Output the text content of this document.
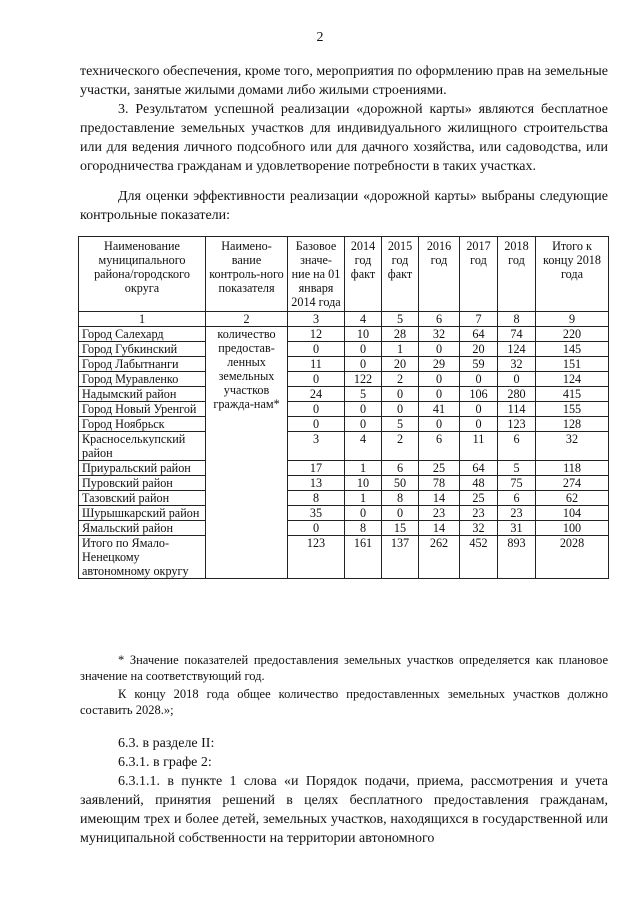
2

технического обеспечения, кроме того, мероприятия по оформлению прав на земельные участки, занятые жилыми домами либо жилыми строениями.

3. Результатом успешной реализации «дорожной карты» являются бесплатное предоставление земельных участков для индивидуального жилищного строительства или для ведения личного подсобного или для дачного хозяйства, или садоводства, или огородничества гражданам и удовлетворение потребности в таких участках.

Для оценки эффективности реализации «дорожной карты» выбраны следующие контрольные показатели:

Наименование муниципального района/городского округа	Наимено-вание контроль-ного показателя	Базовое значе-ние на 01 января 2014 года	2014 год факт	2015 год факт	2016 год	2017 год	2018 год	Итого к концу 2018 года
1	2	3	4	5	6	7	8	9
Город Салехард	количество предостав-ленных земельных участков гражда-нам*	12	10	28	32	64	74	220
Город Губкинский		0	0	1	0	20	124	145
Город Лабытнанги		11	0	20	29	59	32	151
Город Муравленко		0	122	2	0	0	0	124
Надымский район		24	5	0	0	106	280	415
Город Новый Уренгой		0	0	0	41	0	114	155
Город Ноябрьск		0	0	5	0	0	123	128
Красноселькупский район		3	4	2	6	11	6	32
Приуральский район		17	1	6	25	64	5	118
Пуровский район		13	10	50	78	48	75	274
Тазовский район		8	1	8	14	25	6	62
Шурышкарский район		35	0	0	23	23	23	104
Ямальский район		0	8	15	14	32	31	100
Итого по Ямало-Ненецкому автономному округу		123	161	137	262	452	893	2028

* Значение показателей предоставления земельных участков определяется как плановое значение на соответствующий год.

К концу 2018 года общее количество предоставленных земельных участков должно составить 2028.»;

6.3. в разделе II:

6.3.1. в графе 2:

6.3.1.1. в пункте 1 слова «и Порядок подачи, приема, рассмотрения и учета заявлений, принятия решений в целях бесплатного предоставления гражданам, имеющим трех и более детей, земельных участков, находящихся в государственной или муниципальной собственности на территории автономного
